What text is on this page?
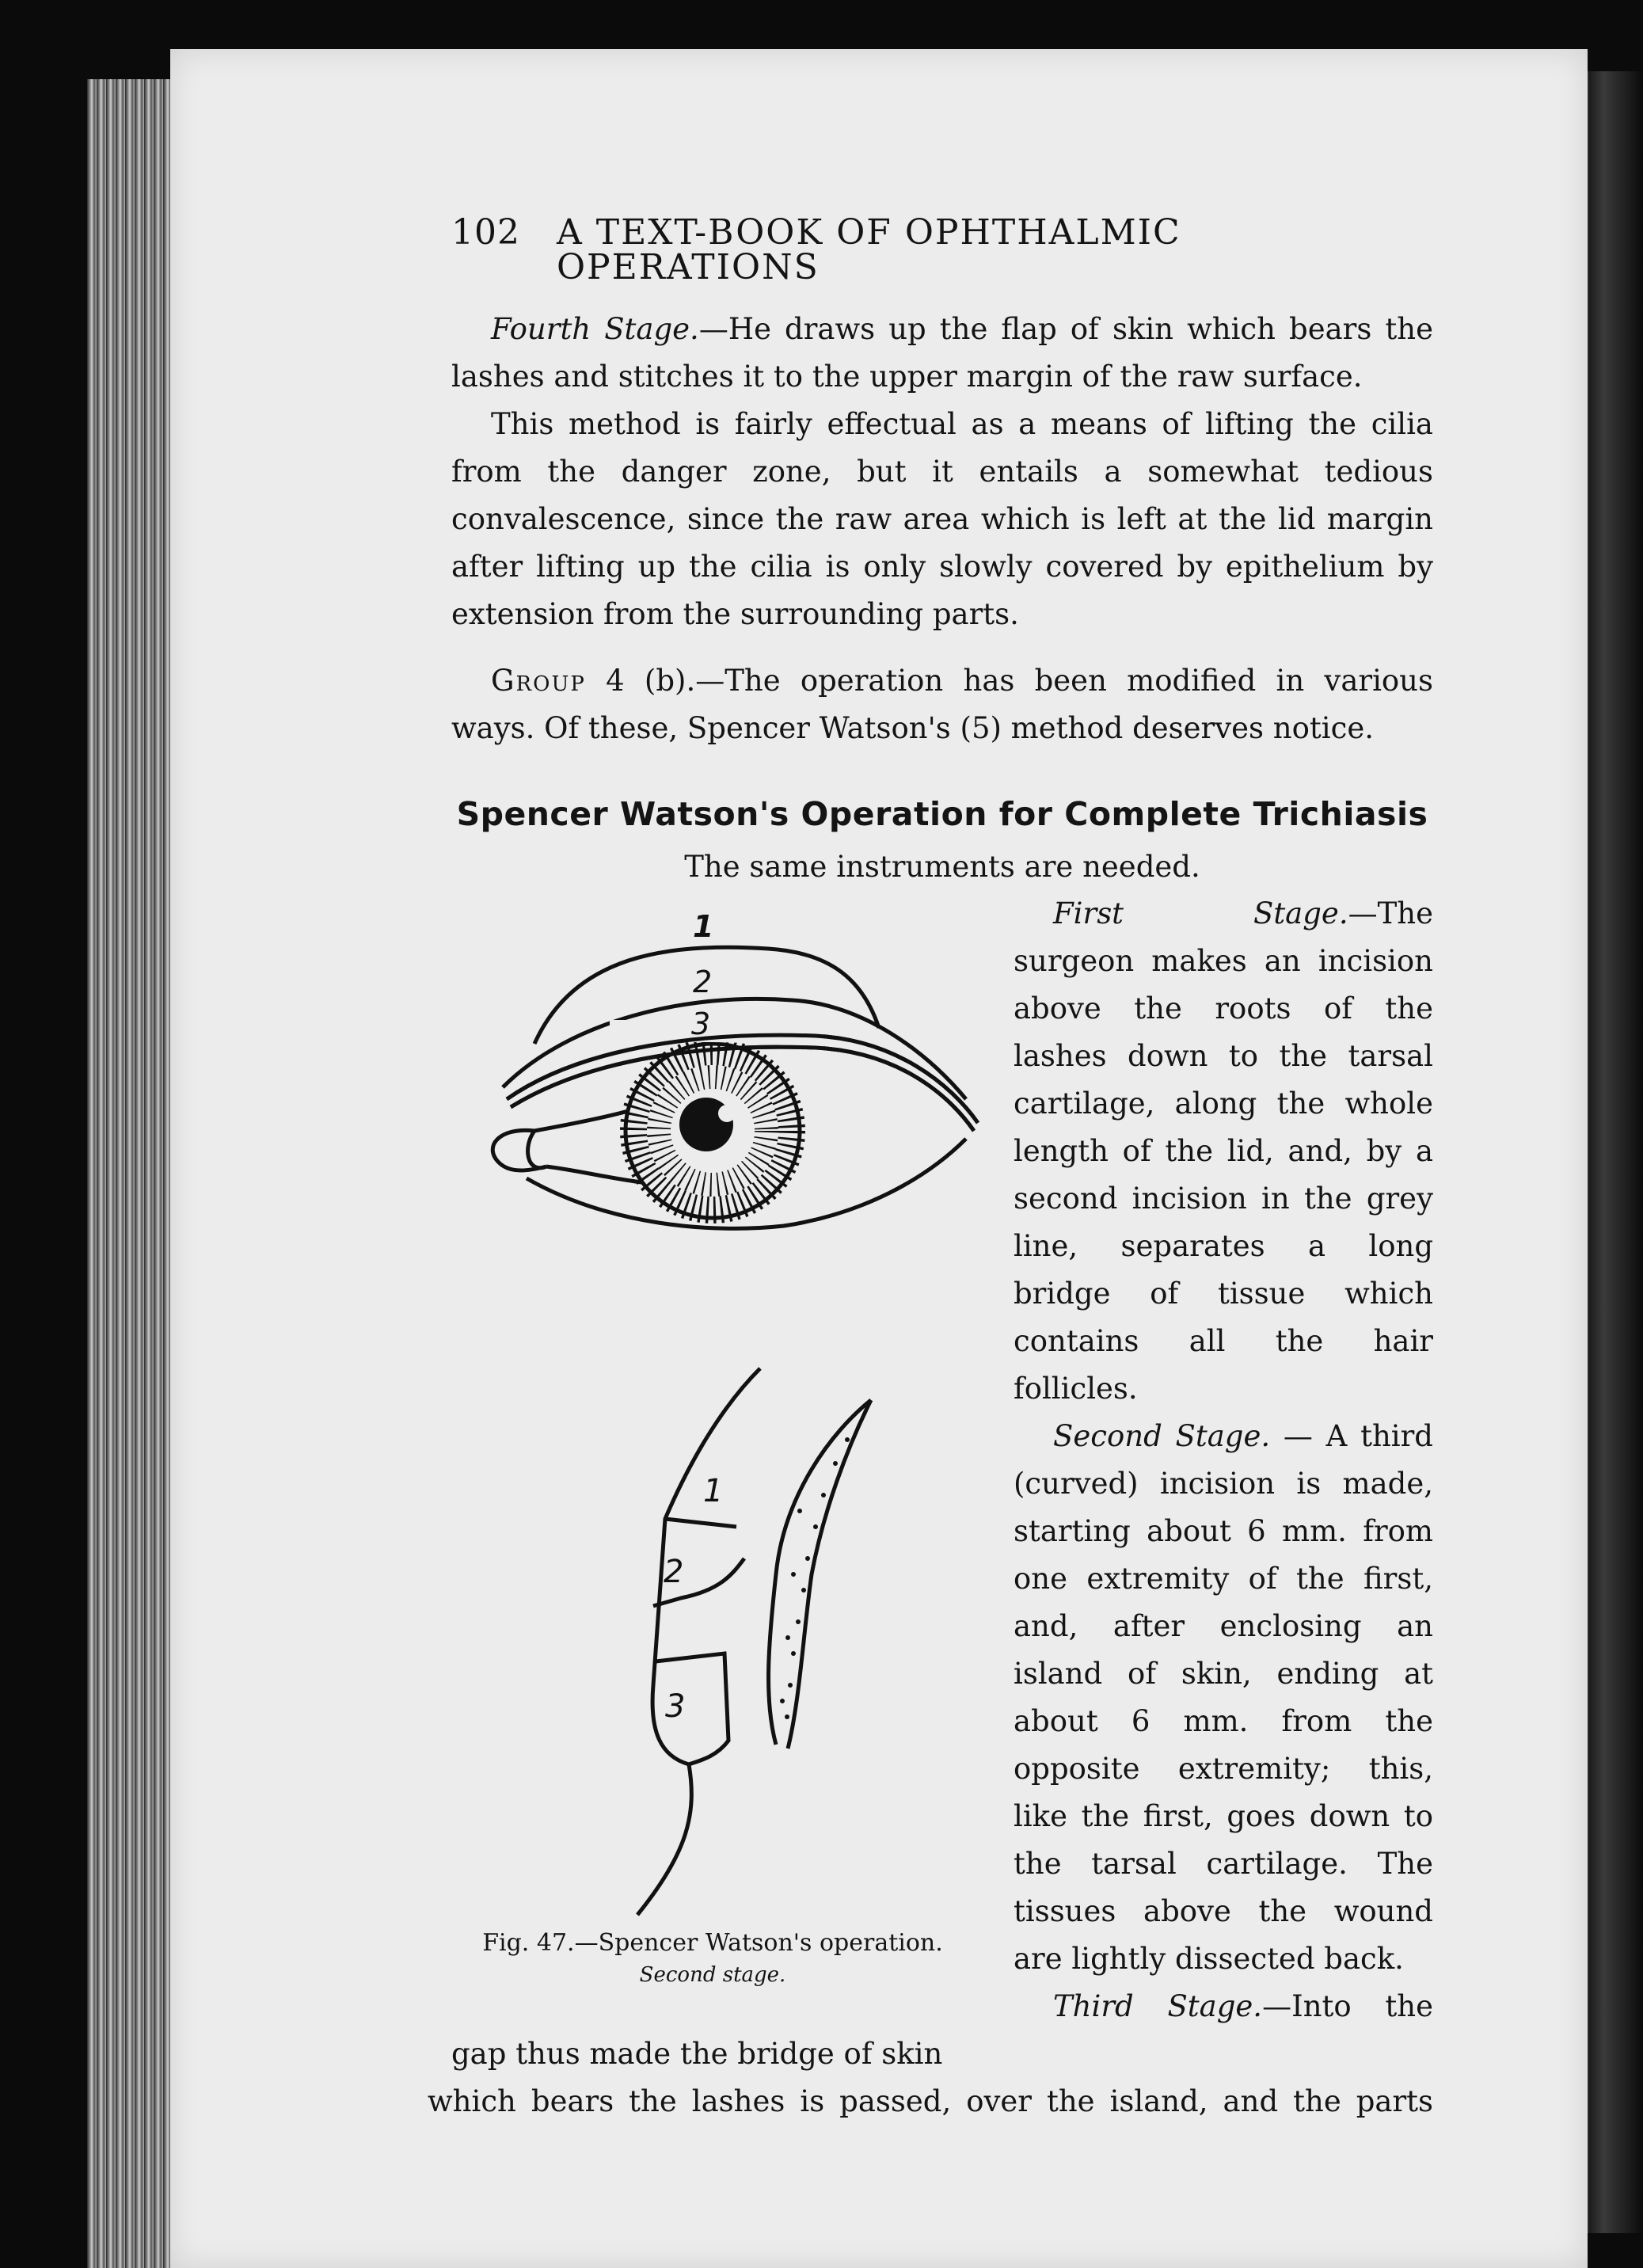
102 A TEXT-BOOK OF OPHTHALMIC OPERATIONS

Fourth Stage.—He draws up the flap of skin which bears the lashes and stitches it to the upper margin of the raw surface.

This method is fairly effectual as a means of lifting the cilia from the danger zone, but it entails a somewhat tedious convalescence, since the raw area which is left at the lid margin after lifting up the cilia is only slowly covered by epithelium by extension from the surrounding parts.

Group 4 (b).—The operation has been modified in various ways. Of these, Spencer Watson's (5) method deserves notice.

Spencer Watson's Operation for Complete Trichiasis
The same instruments are needed.

1
2
3
1
2
3
Fig. 47.—Spencer Watson's operation.
Second stage.

First Stage.—The surgeon makes an incision above the roots of the lashes down to the tarsal cartilage, along the whole length of the lid, and, by a second incision in the grey line, separates a long bridge of tissue which contains all the hair follicles.

Second Stage. — A third (curved) incision is made, starting about 6 mm. from one extremity of the first, and, after enclosing an island of skin, ending at about 6 mm. from the opposite extremity; this, like the first, goes down to the tarsal cartilage. The tissues above the wound are lightly dissected back.

Third Stage.—Into the gap thus made the bridge of skin

which bears the lashes is passed, over the island, and the parts
